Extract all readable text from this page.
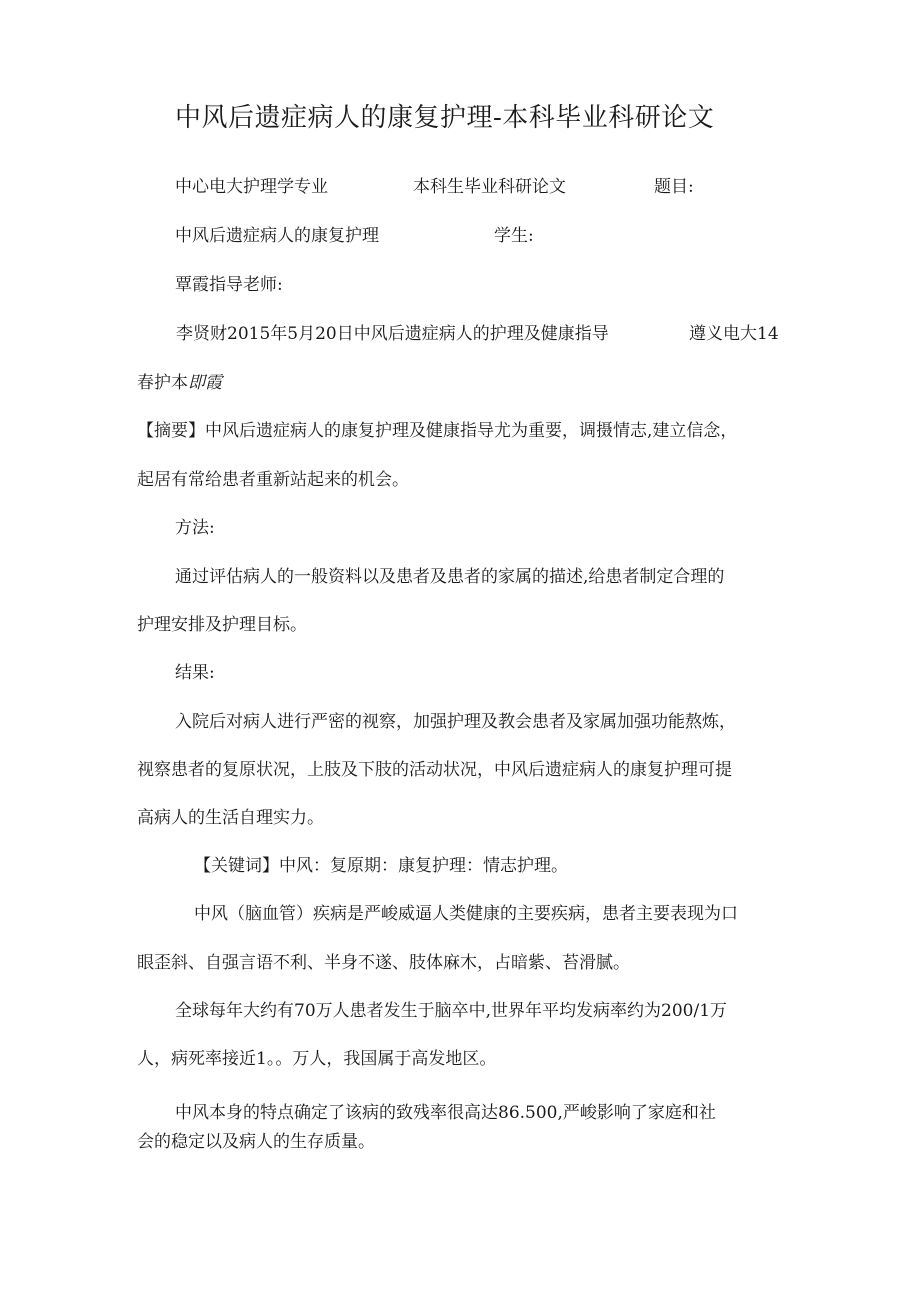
中风后遗症病人的康复护理-本科毕业科研论文
中心电大护理学专业	本科生毕业科研论文	题目:
中风后遗症病人的康复护理	学生:
覃霞指导老师:
李贤财2015年5月20日中风后遗症病人的护理及健康指导	遵义电大14
春护本即霞
【摘要】中风后遗症病人的康复护理及健康指导尤为重要，调摄情志,建立信念，
起居有常给患者重新站起来的机会。
方法:
通过评估病人的一般资料以及患者及患者的家属的描述,给患者制定合理的
护理安排及护理目标。
结果:
入院后对病人进行严密的视察，加强护理及教会患者及家属加强功能熬炼，
视察患者的复原状况，上肢及下肢的活动状况，中风后遗症病人的康复护理可提
高病人的生活自理实力。
【关键词】中风：复原期：康复护理：情志护理。
中风（脑血管）疾病是严峻威逼人类健康的主要疾病，患者主要表现为口
眼歪斜、自强言语不利、半身不遂、肢体麻木，占暗紫、苔滑腻。
全球每年大约有70万人患者发生于脑卒中,世界年平均发病率约为200/1万
人，病死率接近1。。万人，我国属于高发地区。
中风本身的特点确定了该病的致残率很高达86.500,严峻影响了家庭和社
会的稳定以及病人的生存质量。
